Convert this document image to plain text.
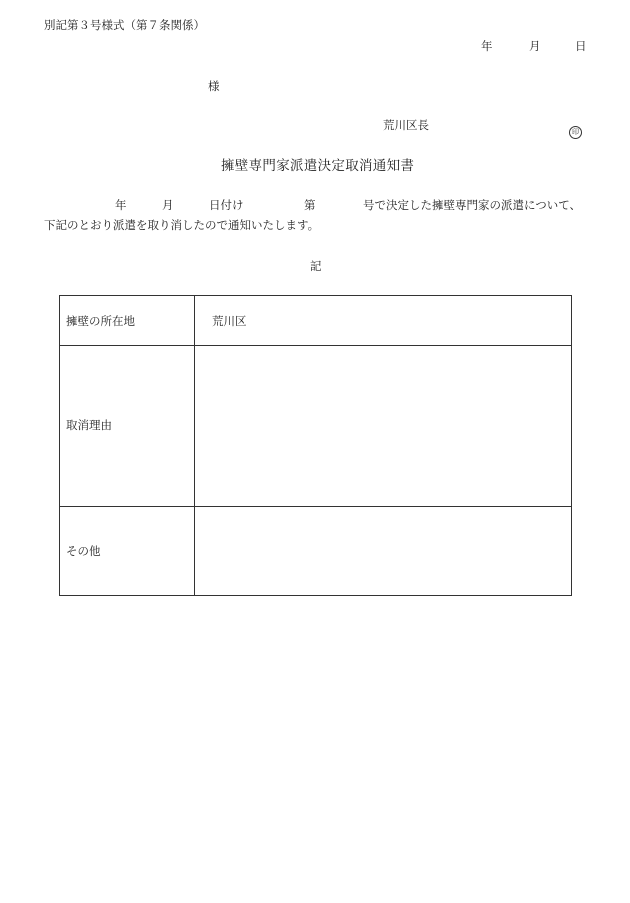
別記第３号様式（第７条関係）
年	月	日
様
荒川区長	印
擁壁専門家派遣決定取消通知書
年	月	日付け	第	号で決定した擁壁専門家の派遣について、
下記のとおり派遣を取り消したので通知いたします。
記
擁壁の所在地	荒川区
取消理由
その他
